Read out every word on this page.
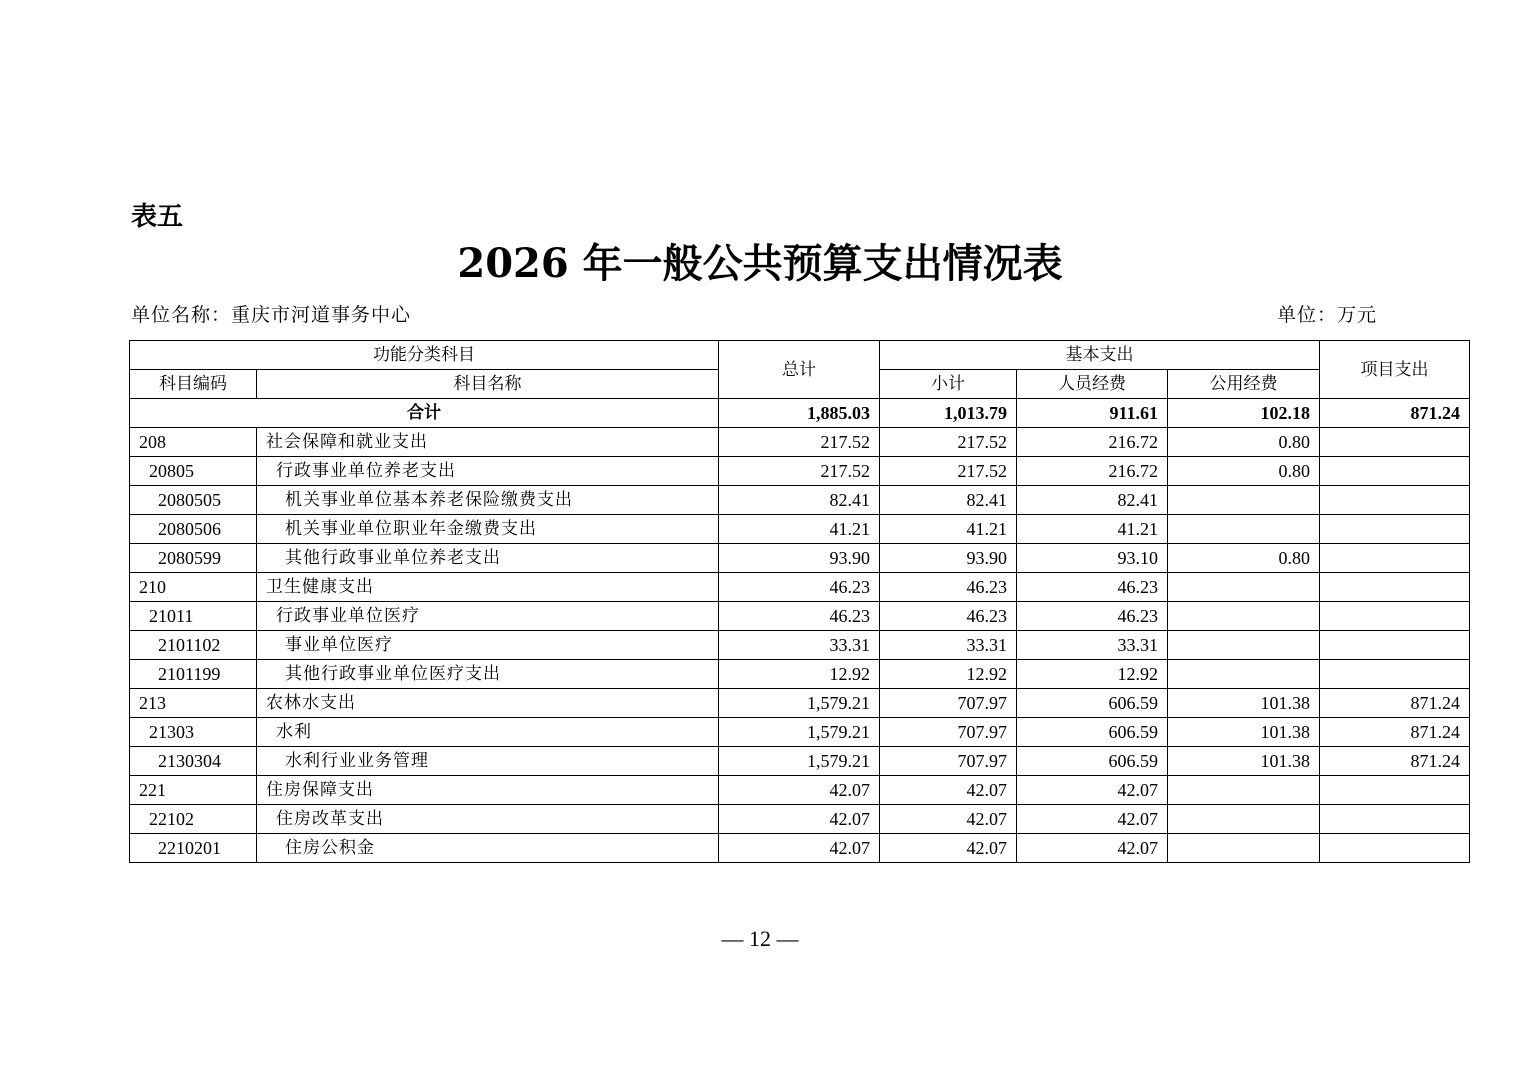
表五
2026 年一般公共预算支出情况表
单位名称：重庆市河道事务中心	单位：万元
功能分类科目		总计	基本支出			项目支出
科目编码	科目名称		小计	人员经费	公用经费	
合计		1,885.03	1,013.79	911.61	102.18	871.24
208	社会保障和就业支出	217.52	217.52	216.72	0.80	
20805	行政事业单位养老支出	217.52	217.52	216.72	0.80	
2080505	机关事业单位基本养老保险缴费支出	82.41	82.41	82.41		
2080506	机关事业单位职业年金缴费支出	41.21	41.21	41.21		
2080599	其他行政事业单位养老支出	93.90	93.90	93.10	0.80	
210	卫生健康支出	46.23	46.23	46.23		
21011	行政事业单位医疗	46.23	46.23	46.23		
2101102	事业单位医疗	33.31	33.31	33.31		
2101199	其他行政事业单位医疗支出	12.92	12.92	12.92		
213	农林水支出	1,579.21	707.97	606.59	101.38	871.24
21303	水利	1,579.21	707.97	606.59	101.38	871.24
2130304	水利行业业务管理	1,579.21	707.97	606.59	101.38	871.24
221	住房保障支出	42.07	42.07	42.07		
22102	住房改革支出	42.07	42.07	42.07		
2210201	住房公积金	42.07	42.07	42.07		
— 12 —
